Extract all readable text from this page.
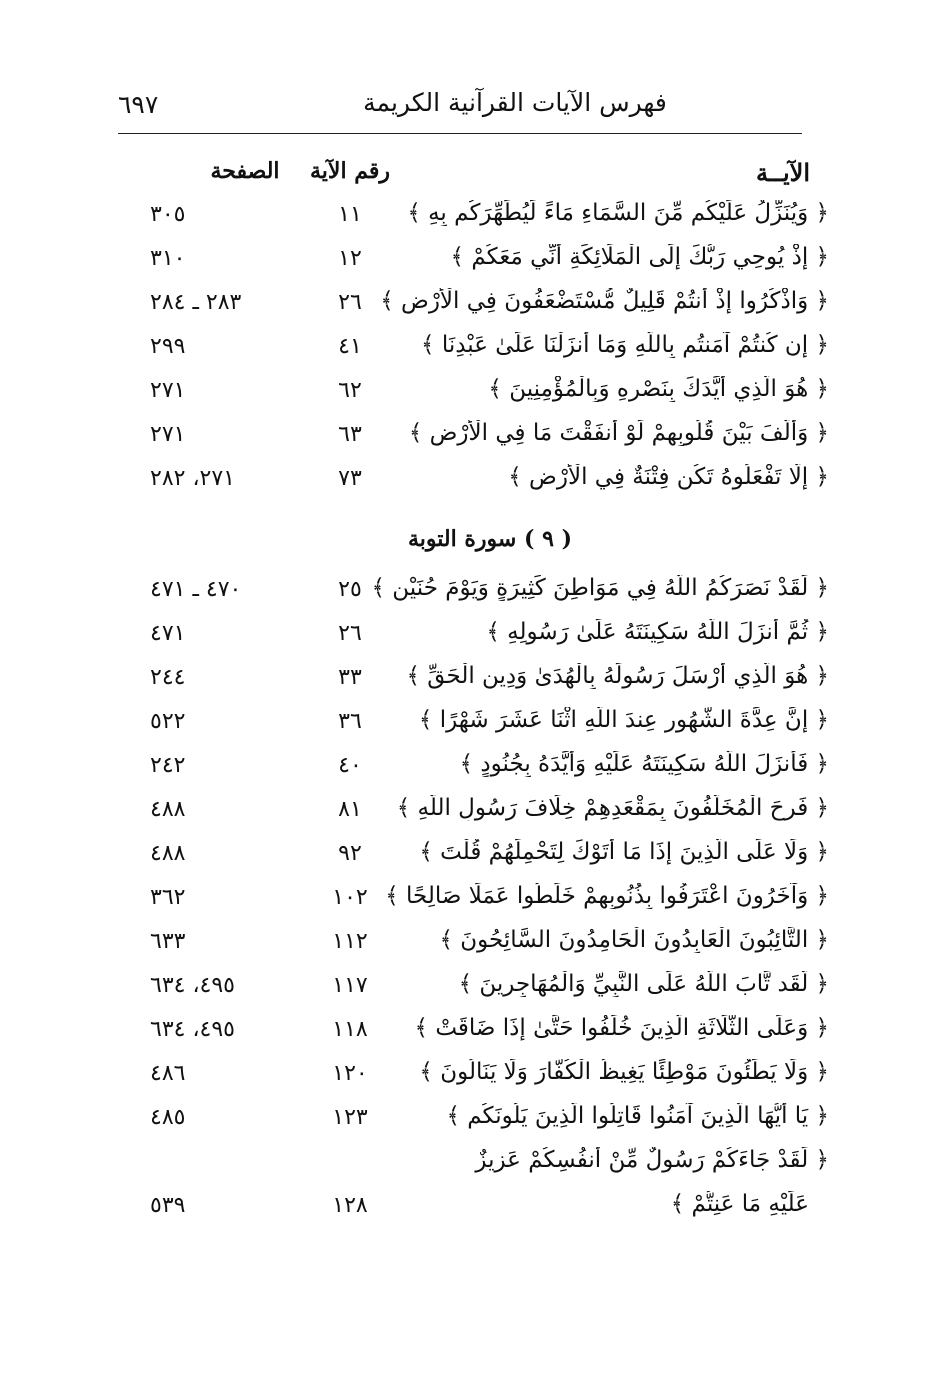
فهرس الآيات القرآنية الكريمة
٦٩٧
الآيــة
رقم الآية
الصفحة
﴿ وَيُنَزِّلُ عَلَيْكُم مِّنَ السَّمَاءِ مَاءً لِّيُطَهِّرَكُم بِهِ ﴾
١١
٣٠٥
﴿ إِذْ يُوحِي رَبُّكَ إِلَى الْمَلَائِكَةِ أَنِّي مَعَكُمْ ﴾
١٢
٣١٠
﴿ وَاذْكُرُوا إِذْ أَنتُمْ قَلِيلٌ مُّسْتَضْعَفُونَ فِي الْأَرْضِ ﴾
٢٦
٢٨٣ ـ ٢٨٤
﴿ إِن كُنتُمْ آمَنتُم بِاللَّهِ وَمَا أَنزَلْنَا عَلَىٰ عَبْدِنَا ﴾
٤١
٢٩٩
﴿ هُوَ الَّذِي أَيَّدَكَ بِنَصْرِهِ وَبِالْمُؤْمِنِينَ ﴾
٦٢
٢٧١
﴿ وَأَلَّفَ بَيْنَ قُلُوبِهِمْ لَوْ أَنفَقْتَ مَا فِي الْأَرْضِ ﴾
٦٣
٢٧١
﴿ إِلَّا تَفْعَلُوهُ تَكُن فِتْنَةٌ فِي الْأَرْضِ ﴾
٧٣
٢٧١، ٢٨٢
( ٩ ) سورة التوبة
﴿ لَقَدْ نَصَرَكُمُ اللَّهُ فِي مَوَاطِنَ كَثِيرَةٍ وَيَوْمَ حُنَيْنٍ ﴾
٢٥
٤٧٠ ـ ٤٧١
﴿ ثُمَّ أَنزَلَ اللَّهُ سَكِينَتَهُ عَلَىٰ رَسُولِهِ ﴾
٢٦
٤٧١
﴿ هُوَ الَّذِي أَرْسَلَ رَسُولَهُ بِالْهُدَىٰ وَدِينِ الْحَقِّ ﴾
٣٣
٢٤٤
﴿ إِنَّ عِدَّةَ الشُّهُورِ عِندَ اللَّهِ اثْنَا عَشَرَ شَهْرًا ﴾
٣٦
٥٢٢
﴿ فَأَنزَلَ اللَّهُ سَكِينَتَهُ عَلَيْهِ وَأَيَّدَهُ بِجُنُودٍ ﴾
٤٠
٢٤٢
﴿ فَرِحَ الْمُخَلَّفُونَ بِمَقْعَدِهِمْ خِلَافَ رَسُولِ اللَّهِ ﴾
٨١
٤٨٨
﴿ وَلَا عَلَى الَّذِينَ إِذَا مَا أَتَوْكَ لِتَحْمِلَهُمْ قُلْتَ ﴾
٩٢
٤٨٨
﴿ وَآخَرُونَ اعْتَرَفُوا بِذُنُوبِهِمْ خَلَطُوا عَمَلًا صَالِحًا ﴾
١٠٢
٣٦٢
﴿ التَّائِبُونَ الْعَابِدُونَ الْحَامِدُونَ السَّائِحُونَ ﴾
١١٢
٦٣٣
﴿ لَّقَد تَّابَ اللَّهُ عَلَى النَّبِيِّ وَالْمُهَاجِرِينَ ﴾
١١٧
٤٩٥، ٦٣٤
﴿ وَعَلَى الثَّلَاثَةِ الَّذِينَ خُلِّفُوا حَتَّىٰ إِذَا ضَاقَتْ ﴾
١١٨
٤٩٥، ٦٣٤
﴿ وَلَا يَطَئُونَ مَوْطِئًا يَغِيظُ الْكُفَّارَ وَلَا يَنَالُونَ ﴾
١٢٠
٤٨٦
﴿ يَا أَيُّهَا الَّذِينَ آمَنُوا قَاتِلُوا الَّذِينَ يَلُونَكُم ﴾
١٢٣
٤٨٥
﴿ لَقَدْ جَاءَكُمْ رَسُولٌ مِّنْ أَنفُسِكُمْ عَزِيزٌ
عَلَيْهِ مَا عَنِتُّمْ ﴾
١٢٨
٥٣٩
